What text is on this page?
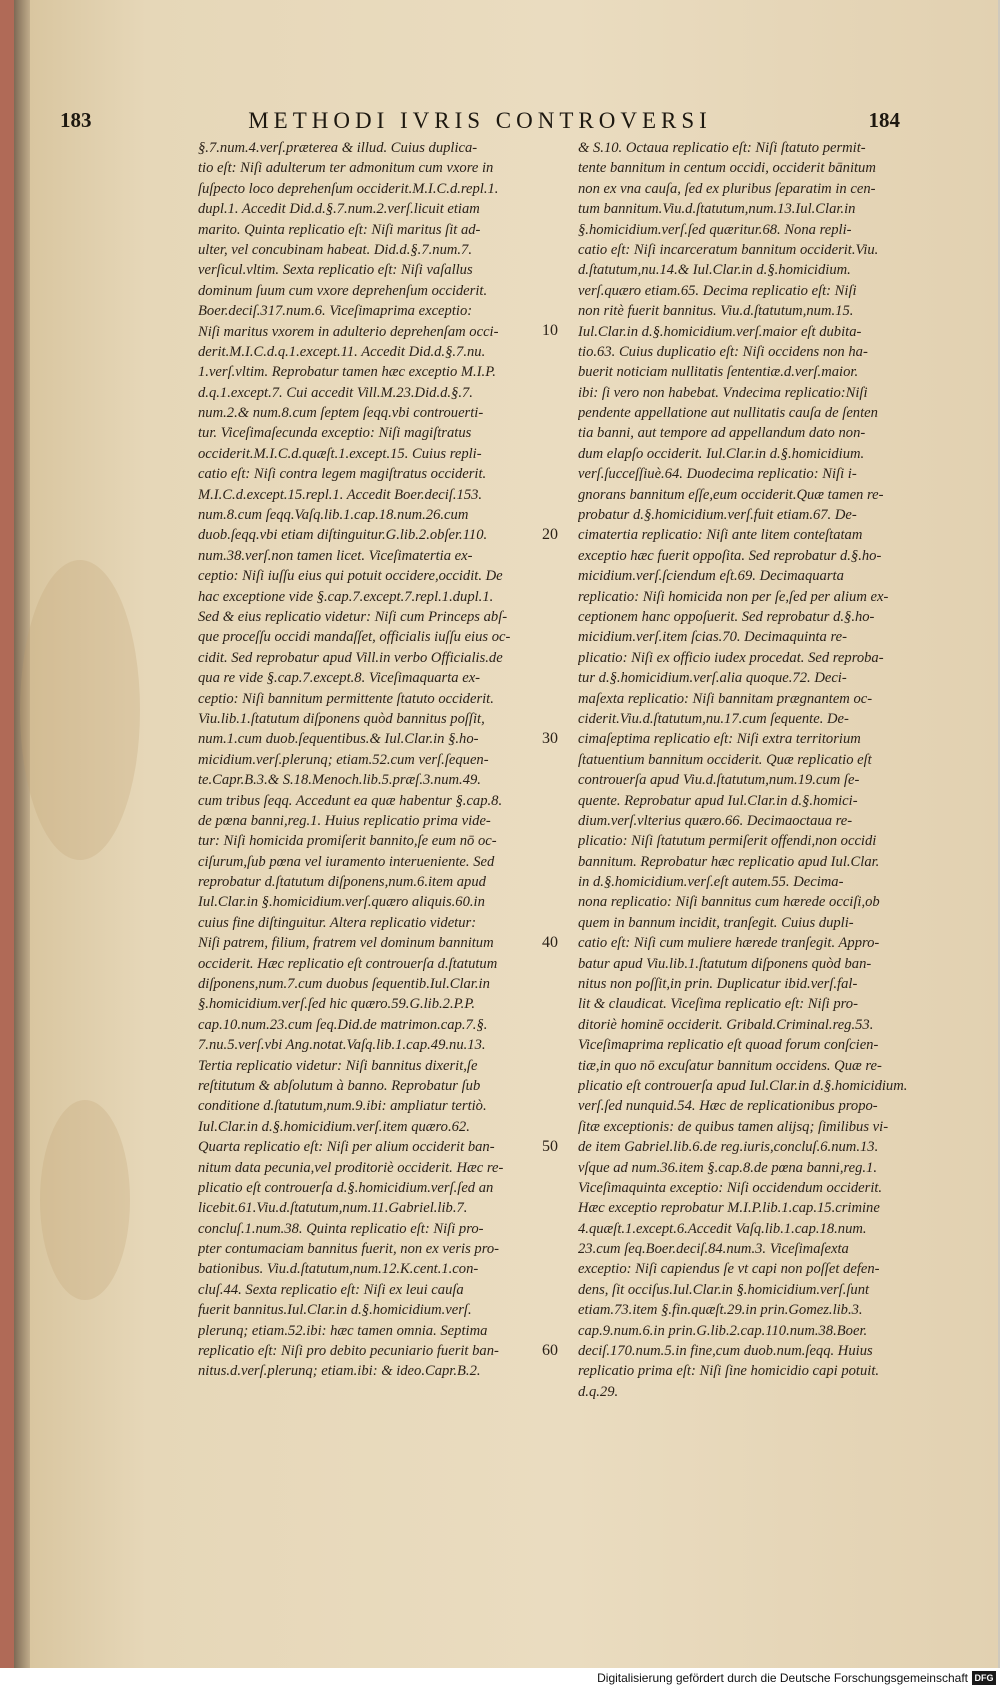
183	METHODI IVRIS CONTROVERSI	184
§.7.num.4.verſ.præterea & illud. Cuius duplica-
tio eſt: Niſi adulterum ter admonitum cum vxore in
ſuſpecto loco deprehenſum occiderit.M.I.C.d.repl.1.
dupl.1. Accedit Did.d.§.7.num.2.verſ.licuit etiam
marito. Quinta replicatio eſt: Niſi maritus ſit ad-
ulter, vel concubinam habeat. Did.d.§.7.num.7.
verſicul.vltim. Sexta replicatio eſt: Niſi vaſallus
dominum ſuum cum vxore deprehenſum occiderit.
Boer.deciſ.317.num.6. Viceſimaprima exceptio:
Niſi maritus vxorem in adulterio deprehenſam occi-
derit.M.I.C.d.q.1.except.11. Accedit Did.d.§.7.nu.
1.verſ.vltim. Reprobatur tamen hæc exceptio M.I.P.
d.q.1.except.7. Cui accedit Vill.M.23.Did.d.§.7.
num.2.& num.8.cum ſeptem ſeqq.vbi controuerti-
tur. Viceſimaſecunda exceptio: Niſi magiſtratus
occiderit.M.I.C.d.quæſt.1.except.15. Cuius repli-
catio eſt: Niſi contra legem magiſtratus occiderit.
M.I.C.d.except.15.repl.1. Accedit Boer.deciſ.153.
num.8.cum ſeqq.Vaſq.lib.1.cap.18.num.26.cum
duob.ſeqq.vbi etiam diſtinguitur.G.lib.2.obſer.110.
num.38.verſ.non tamen licet. Viceſimatertia ex-
ceptio: Niſi iuſſu eius qui potuit occidere,occidit. De
hac exceptione vide §.cap.7.except.7.repl.1.dupl.1.
Sed & eius replicatio videtur: Niſi cum Princeps abſ-
que proceſſu occidi mandaſſet, officialis iuſſu eius oc-
cidit. Sed reprobatur apud Vill.in verbo Officialis.de
qua re vide §.cap.7.except.8. Viceſimaquarta ex-
ceptio: Niſi bannitum permittente ſtatuto occiderit.
Viu.lib.1.ſtatutum diſponens quòd bannitus poſſit,
num.1.cum duob.ſequentibus.& Iul.Clar.in §.ho-
micidium.verſ.plerunq; etiam.52.cum verſ.ſequen-
te.Capr.B.3.& S.18.Menoch.lib.5.præſ.3.num.49.
cum tribus ſeqq. Accedunt ea quæ habentur §.cap.8.
de pœna banni,reg.1. Huius replicatio prima vide-
tur: Niſi homicida promiſerit bannito,ſe eum nō oc-
ciſurum,ſub pœna vel iuramento interueniente. Sed
reprobatur d.ſtatutum diſponens,num.6.item apud
Iul.Clar.in §.homicidium.verſ.quæro aliquis.60.in
cuius fine diſtinguitur. Altera replicatio videtur:
Niſi patrem, filium, fratrem vel dominum bannitum
occiderit. Hæc replicatio eſt controuerſa d.ſtatutum
diſponens,num.7.cum duobus ſequentib.Iul.Clar.in
§.homicidium.verſ.ſed hic quæro.59.G.lib.2.P.P.
cap.10.num.23.cum ſeq.Did.de matrimon.cap.7.§.
7.nu.5.verſ.vbi Ang.notat.Vaſq.lib.1.cap.49.nu.13.
Tertia replicatio videtur: Niſi bannitus dixerit,ſe
reſtitutum & abſolutum à banno. Reprobatur ſub
conditione d.ſtatutum,num.9.ibi: ampliatur tertiò.
Iul.Clar.in d.§.homicidium.verſ.item quæro.62.
Quarta replicatio eſt: Niſi per alium occiderit ban-
nitum data pecunia,vel proditoriè occiderit. Hæc re-
plicatio eſt controuerſa d.§.homicidium.verſ.ſed an
licebit.61.Viu.d.ſtatutum,num.11.Gabriel.lib.7.
concluſ.1.num.38. Quinta replicatio eſt: Niſi pro-
pter contumaciam bannitus fuerit, non ex veris pro-
bationibus. Viu.d.ſtatutum,num.12.K.cent.1.con-
cluſ.44. Sexta replicatio eſt: Niſi ex leui cauſa
fuerit bannitus.Iul.Clar.in d.§.homicidium.verſ.
plerunq; etiam.52.ibi: hæc tamen omnia. Septima
replicatio eſt: Niſi pro debito pecuniario fuerit ban-
nitus.d.verſ.plerunq; etiam.ibi: & ideo.Capr.B.2.
10
20
30
40
50
60
& S.10. Octaua replicatio eſt: Niſi ſtatuto permit-
tente bannitum in centum occidi, occiderit bānitum
non ex vna cauſa, ſed ex pluribus ſeparatim in cen-
tum bannitum.Viu.d.ſtatutum,num.13.Iul.Clar.in
§.homicidium.verſ.ſed quæritur.68. Nona repli-
catio eſt: Niſi incarceratum bannitum occiderit.Viu.
d.ſtatutum,nu.14.& Iul.Clar.in d.§.homicidium.
verſ.quæro etiam.65. Decima replicatio eſt: Niſi
non ritè fuerit bannitus. Viu.d.ſtatutum,num.15.
Iul.Clar.in d.§.homicidium.verſ.maior eſt dubita-
tio.63. Cuius duplicatio eſt: Niſi occidens non ha-
buerit noticiam nullitatis ſententiæ.d.verſ.maior.
ibi: ſi vero non habebat. Vndecima replicatio:Niſi
pendente appellatione aut nullitatis cauſa de ſenten
tia banni, aut tempore ad appellandum dato non-
dum elapſo occiderit. Iul.Clar.in d.§.homicidium.
verſ.ſucceſſiuè.64. Duodecima replicatio: Niſi i-
gnorans bannitum eſſe,eum occiderit.Quæ tamen re-
probatur d.§.homicidium.verſ.fuit etiam.67. De-
cimatertia replicatio: Niſi ante litem conteſtatam
exceptio hæc fuerit oppoſita. Sed reprobatur d.§.ho-
micidium.verſ.ſciendum eſt.69. Decimaquarta
replicatio: Niſi homicida non per ſe,ſed per alium ex-
ceptionem hanc oppoſuerit. Sed reprobatur d.§.ho-
micidium.verſ.item ſcias.70. Decimaquinta re-
plicatio: Niſi ex officio iudex procedat. Sed reproba-
tur d.§.homicidium.verſ.alia quoque.72. Deci-
maſexta replicatio: Niſi bannitam prægnantem oc-
ciderit.Viu.d.ſtatutum,nu.17.cum ſequente. De-
cimaſeptima replicatio eſt: Niſi extra territorium
ſtatuentium bannitum occiderit. Quæ replicatio eſt
controuerſa apud Viu.d.ſtatutum,num.19.cum ſe-
quente. Reprobatur apud Iul.Clar.in d.§.homici-
dium.verſ.vlterius quæro.66. Decimaoctaua re-
plicatio: Niſi ſtatutum permiſerit offendi,non occidi
bannitum. Reprobatur hæc replicatio apud Iul.Clar.
in d.§.homicidium.verſ.eſt autem.55. Decima-
nona replicatio: Niſi bannitus cum hærede occiſi,ob
quem in bannum incidit, tranſegit. Cuius dupli-
catio eſt: Niſi cum muliere hærede tranſegit. Appro-
batur apud Viu.lib.1.ſtatutum diſponens quòd ban-
nitus non poſſit,in prin. Duplicatur ibid.verſ.fal-
lit & claudicat. Viceſima replicatio eſt: Niſi pro-
ditoriè hominē occiderit. Gribald.Criminal.reg.53.
Viceſimaprima replicatio eſt quoad forum conſcien-
tiæ,in quo nō excuſatur bannitum occidens. Quæ re-
plicatio eſt controuerſa apud Iul.Clar.in d.§.homicidium.
verſ.ſed nunquid.54. Hæc de replicationibus propo-
ſitæ exceptionis: de quibus tamen alijsq; ſimilibus vi-
de item Gabriel.lib.6.de reg.iuris,concluſ.6.num.13.
vſque ad num.36.item §.cap.8.de pœna banni,reg.1.
Viceſimaquinta exceptio: Niſi occidendum occiderit.
Hæc exceptio reprobatur M.I.P.lib.1.cap.15.crimine
4.quæſt.1.except.6.Accedit Vaſq.lib.1.cap.18.num.
23.cum ſeq.Boer.deciſ.84.num.3. Viceſimaſexta
exceptio: Niſi capiendus ſe vt capi non poſſet defen-
dens, ſit occiſus.Iul.Clar.in §.homicidium.verſ.ſunt
etiam.73.item §.fin.quæſt.29.in prin.Gomez.lib.3.
cap.9.num.6.in prin.G.lib.2.cap.110.num.38.Boer.
deciſ.170.num.5.in fine,cum duob.num.ſeqq. Huius
replicatio prima eſt: Niſi ſine homicidio capi potuit.
d.q.29.
Digitalisierung gefördert durch die Deutsche Forschungsgemeinschaft DFG
